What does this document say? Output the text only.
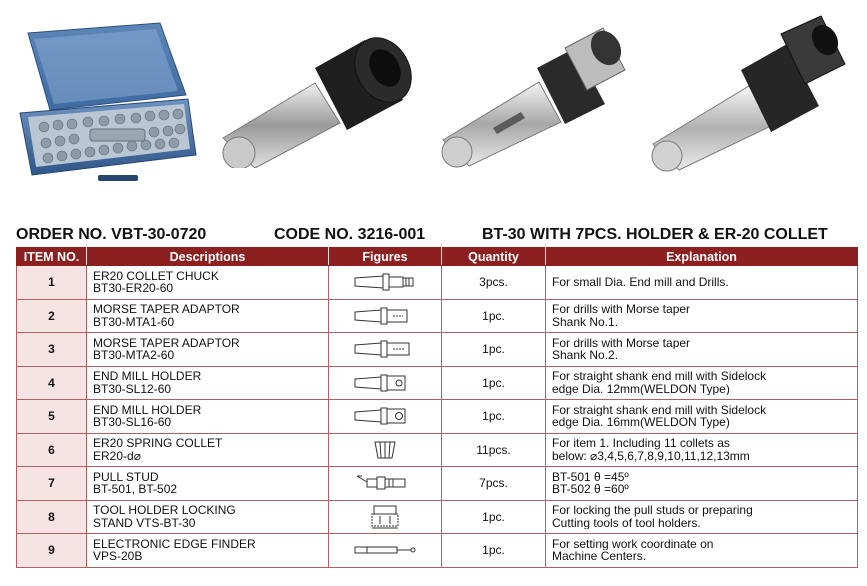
ORDER NO. VBT-30-0720	CODE NO. 3216-001	BT-30 WITH 7PCS. HOLDER & ER-20 COLLET
ITEM NO.	Descriptions	Figures	Quantity	Explanation
1	ER20 COLLET CHUCK
BT30-ER20-60		3pcs.	For small Dia. End mill and Drills.

2	MORSE TAPER ADAPTOR
BT30-MTA1-60		1pc.	For drills with Morse taper
Shank No.1.

3	MORSE TAPER ADAPTOR
BT30-MTA2-60		1pc.	For drills with Morse taper
Shank No.2.

4	END MILL HOLDER
BT30-SL12-60		1pc.	For straight shank end mill with Sidelock
edge Dia. 12mm(WELDON Type)

5	END MILL HOLDER
BT30-SL16-60		1pc.	For straight shank end mill with Sidelock
edge Dia. 16mm(WELDON Type)

6	ER20 SPRING COLLET
ER20-d⌀		11pcs.	For item 1. Including 11 collets as
below: ⌀3,4,5,6,7,8,9,10,11,12,13mm

7	PULL STUD
BT-501, BT-502		7pcs.	BT-501 θ =45º
BT-502 θ =60º

8	TOOL HOLDER LOCKING
STAND VTS-BT-30		1pc.	For locking the pull studs or preparing
Cutting tools of tool holders.

9	ELECTRONIC EDGE FINDER
VPS-20B		1pc.	For setting work coordinate on
Machine Centers.
